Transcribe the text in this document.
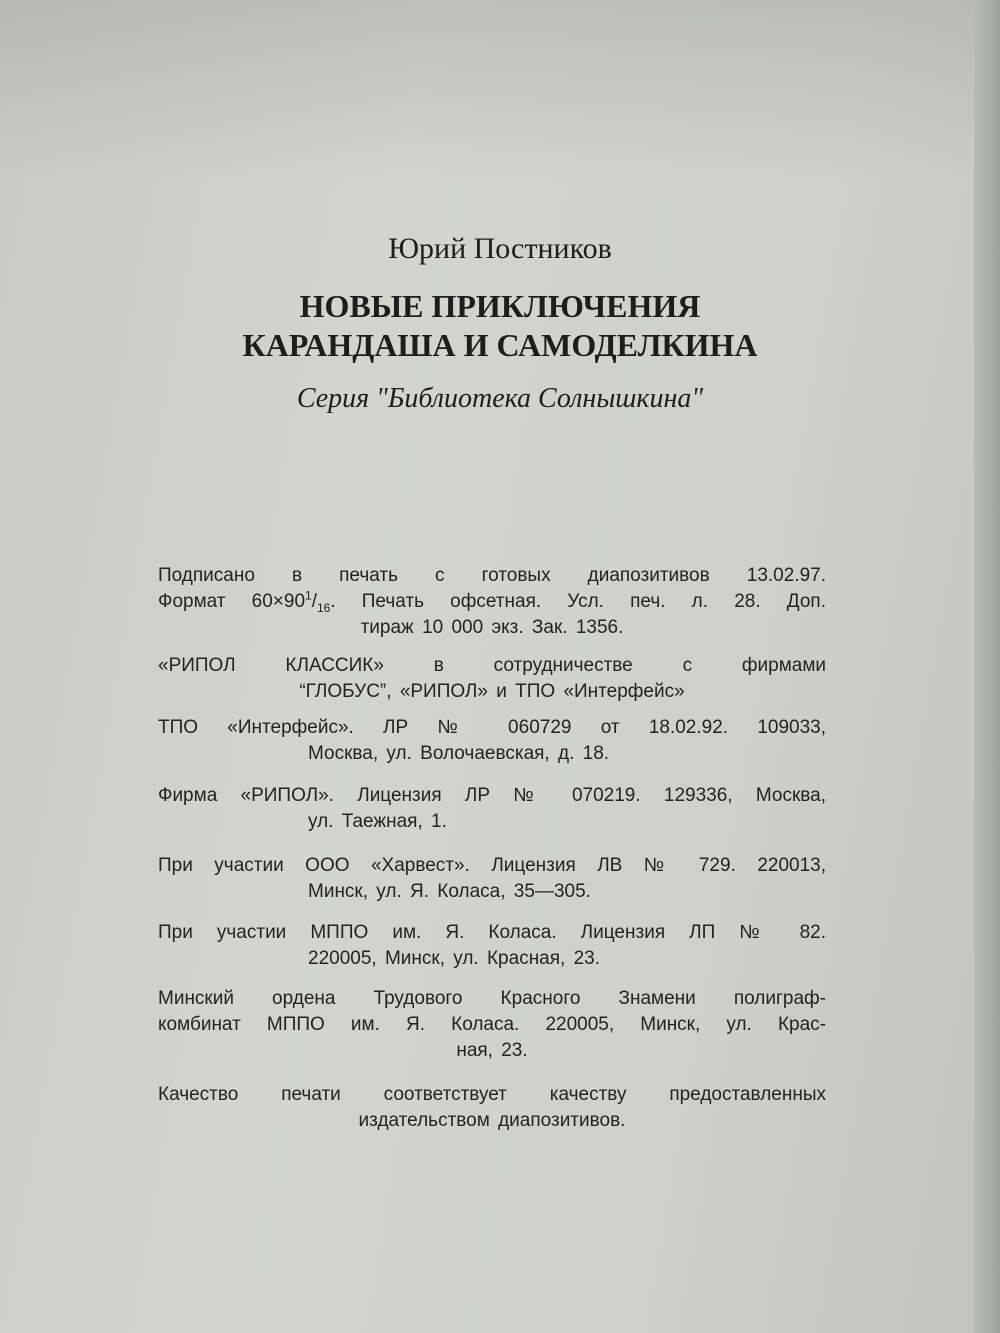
Юрий Постников
НОВЫЕ ПРИКЛЮЧЕНИЯ
КАРАНДАША И САМОДЕЛКИНА
Серия "Библиотека Солнышкина"
Подписано в печать с готовых диапозитивов 13.02.97.
Формат $60\times 90^1/_{16}$. Печать офсетная. Усл. печ. л. 28. Доп.
тираж 10 000 экз. Зак. 1356.
«РИПОЛ КЛАССИК» в сотрудничестве с фирмами
“ГЛОБУС”, «РИПОЛ» и ТПО «Интерфейс»
ТПО «Интерфейс». ЛР № 060729 от 18.02.92. 109033,
Москва, ул. Волочаевская, д. 18.
Фирма «РИПОЛ». Лицензия ЛР № 070219. 129336, Москва,
ул. Таежная, 1.
При участии ООО «Харвест». Лицензия ЛВ № 729. 220013,
Минск, ул. Я. Коласа, 35—305.
При участии МППО им. Я. Коласа. Лицензия ЛП № 82.
220005, Минск, ул. Красная, 23.
Минский ордена Трудового Красного Знамени полиграф-
комбинат МППО им. Я. Коласа. 220005, Минск, ул. Крас-
ная, 23.
Качество печати соответствует качеству предоставленных
издательством диапозитивов.
